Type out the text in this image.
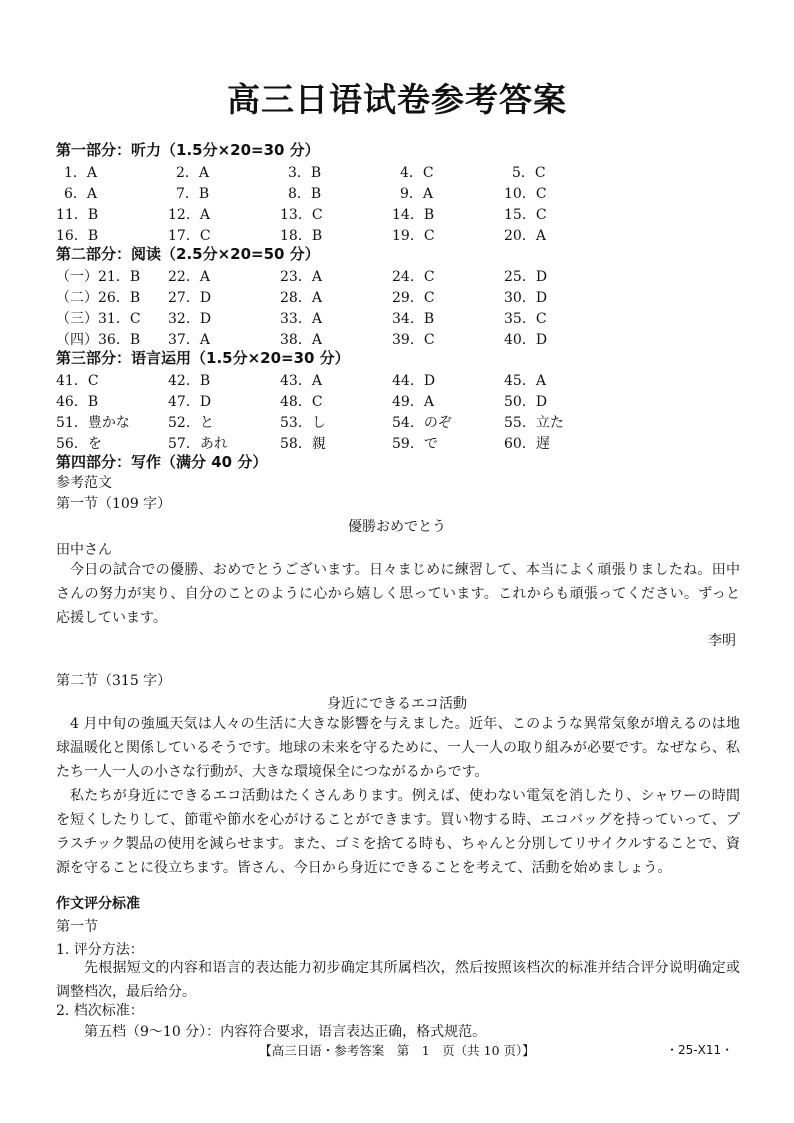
高三日语试卷参考答案
第一部分：听力（1.5分×20=30 分）
1．A	2．A	3．B	4．C	5．C
6．A	7．B	8．B	9．A	10．C
11．B	12．A	13．C	14．B	15．C
16．B	17．C	18．B	19．C	20．A
第二部分：阅读（2.5分×20=50 分）
（一）21．B 22．A	23．A	24．C	25．D
（二）26．B 27．D	28．A	29．C	30．D
（三）31．C 32．D	33．A	34．B	35．C
（四）36．B 37．A	38．A	39．C	40．D
第三部分：语言运用（1.5分×20=30 分）
41．C	42．B	43．A	44．D	45．A
46．B	47．D	48．C	49．A	50．D
51．豊かな	52．と	53．し	54．のぞ	55．立た
56．を	57．あれ	58．親	59．で	60．遅
第四部分：写作（满分 40 分）
参考范文
第一节（109 字）
優勝おめでとう
田中さん
今日の試合での優勝、おめでとうございます。日々まじめに練習して、本当によく頑張りましたね。田中さんの努力が実り、自分のことのように心から嬉しく思っています。これからも頑張ってください。ずっと応援しています。
李明
第二节（315 字）
身近にできるエコ活動
4 月中旬の強風天気は人々の生活に大きな影響を与えました。近年、このような異常気象が増えるのは地球温暖化と関係しているそうです。地球の未来を守るために、一人一人の取り組みが必要です。なぜなら、私たち一人一人の小さな行動が、大きな環境保全につながるからです。
私たちが身近にできるエコ活動はたくさんあります。例えば、使わない電気を消したり、シャワーの時間を短くしたりして、節電や節水を心がけることができます。買い物する時、エコバッグを持っていって、プラスチック製品の使用を減らせます。また、ゴミを捨てる時も、ちゃんと分別してリサイクルすることで、資源を守ることに役立ちます。皆さん、今日から身近にできることを考えて、活動を始めましょう。
作文评分标准
第一节
1. 评分方法：
先根据短文的内容和语言的表达能力初步确定其所属档次，然后按照该档次的标准并结合评分说明确定或调整档次，最后给分。
2. 档次标准：
第五档（9～10 分）：内容符合要求，语言表达正确，格式规范。
【高三日语・参考答案　第　1　页（共 10 页）】	・25-X11・
